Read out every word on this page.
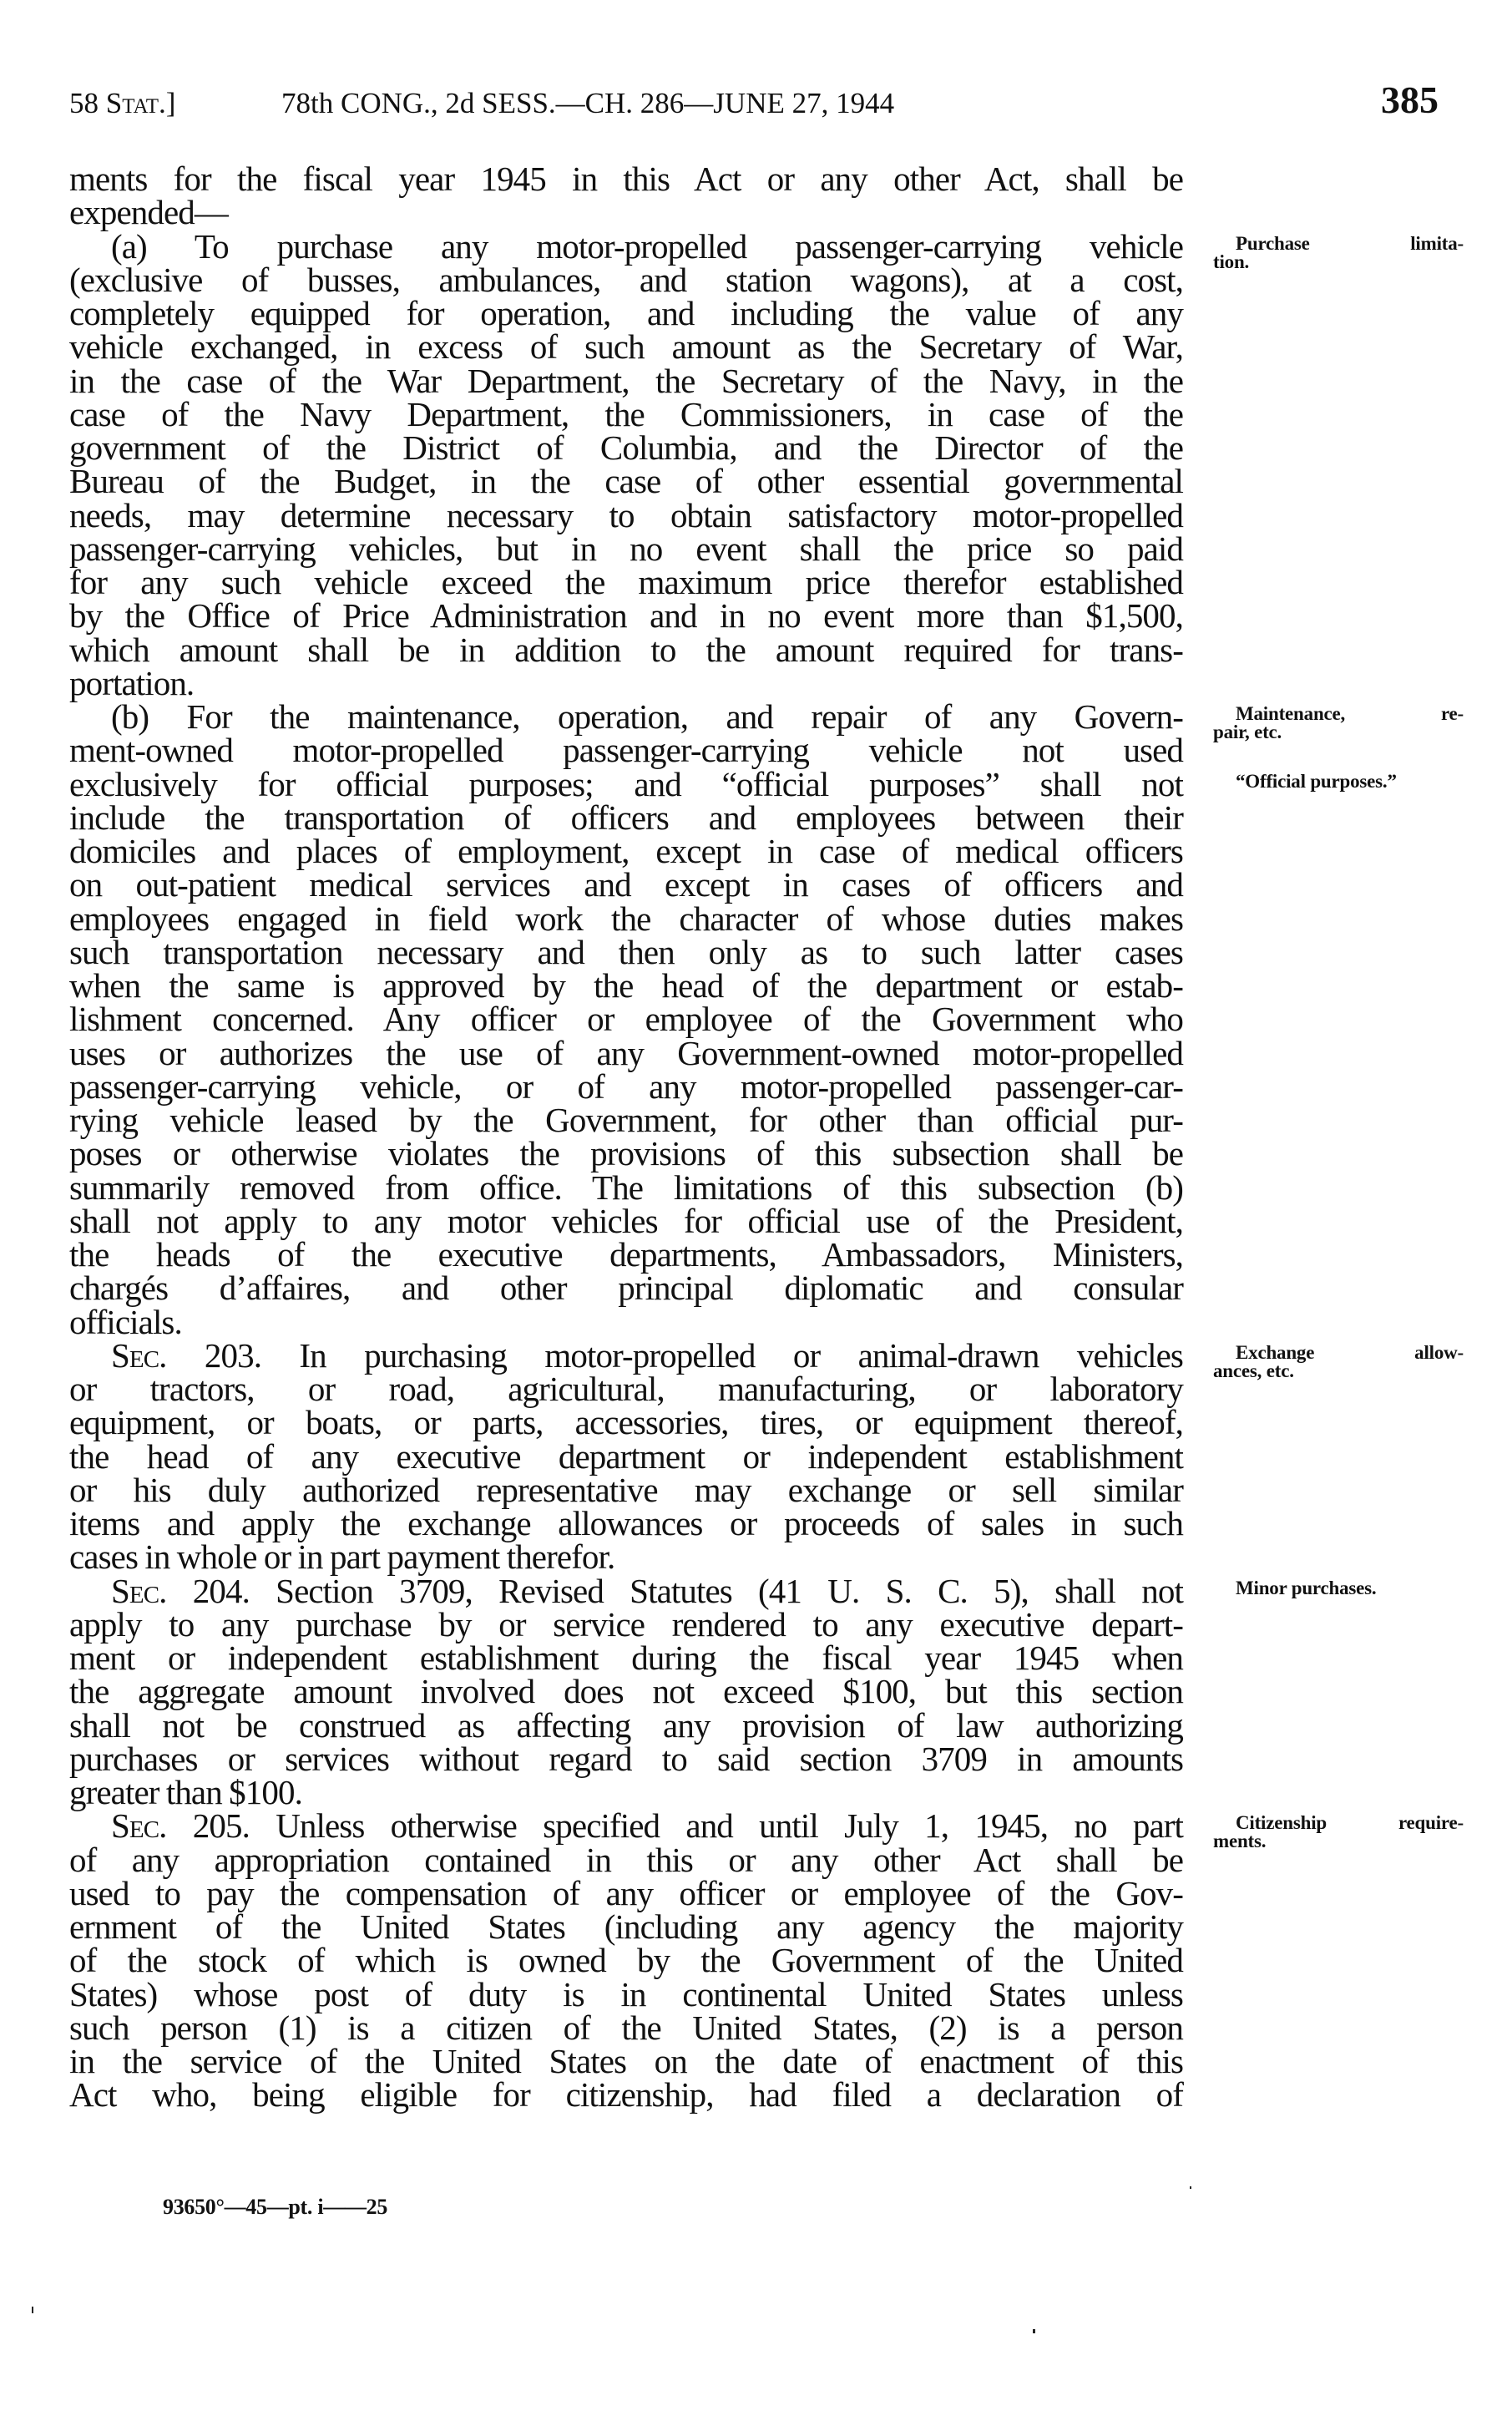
58 Stat.]	78th CONG., 2d SESS.—CH. 286—JUNE 27, 1944	385
ments for the fiscal year 1945 in this Act or any other Act, shall be
expended—
(a) To purchase any motor-propelled passenger-carrying vehicle
(exclusive of busses, ambulances, and station wagons), at a cost,
completely equipped for operation, and including the value of any
vehicle exchanged, in excess of such amount as the Secretary of War,
in the case of the War Department, the Secretary of the Navy, in the
case of the Navy Department, the Commissioners, in case of the
government of the District of Columbia, and the Director of the
Bureau of the Budget, in the case of other essential governmental
needs, may determine necessary to obtain satisfactory motor-propelled
passenger-carrying vehicles, but in no event shall the price so paid
for any such vehicle exceed the maximum price therefor established
by the Office of Price Administration and in no event more than $1,500,
which amount shall be in addition to the amount required for trans-
portation.
(b) For the maintenance, operation, and repair of any Govern-
ment-owned motor-propelled passenger-carrying vehicle not used
exclusively for official purposes; and “official purposes” shall not
include the transportation of officers and employees between their
domiciles and places of employment, except in case of medical officers
on out-patient medical services and except in cases of officers and
employees engaged in field work the character of whose duties makes
such transportation necessary and then only as to such latter cases
when the same is approved by the head of the department or estab-
lishment concerned. Any officer or employee of the Government who
uses or authorizes the use of any Government-owned motor-propelled
passenger-carrying vehicle, or of any motor-propelled passenger-car-
rying vehicle leased by the Government, for other than official pur-
poses or otherwise violates the provisions of this subsection shall be
summarily removed from office. The limitations of this subsection (b)
shall not apply to any motor vehicles for official use of the President,
the heads of the executive departments, Ambassadors, Ministers,
chargés d’affaires, and other principal diplomatic and consular
officials.
Sec. 203. In purchasing motor-propelled or animal-drawn vehicles
or tractors, or road, agricultural, manufacturing, or laboratory
equipment, or boats, or parts, accessories, tires, or equipment thereof,
the head of any executive department or independent establishment
or his duly authorized representative may exchange or sell similar
items and apply the exchange allowances or proceeds of sales in such
cases in whole or in part payment therefor.
Sec. 204. Section 3709, Revised Statutes (41 U. S. C. 5), shall not
apply to any purchase by or service rendered to any executive depart-
ment or independent establishment during the fiscal year 1945 when
the aggregate amount involved does not exceed $100, but this section
shall not be construed as affecting any provision of law authorizing
purchases or services without regard to said section 3709 in amounts
greater than $100.
Sec. 205. Unless otherwise specified and until July 1, 1945, no part
of any appropriation contained in this or any other Act shall be
used to pay the compensation of any officer or employee of the Gov-
ernment of the United States (including any agency the majority
of the stock of which is owned by the Government of the United
States) whose post of duty is in continental United States unless
such person (1) is a citizen of the United States, (2) is a person
in the service of the United States on the date of enactment of this
Act who, being eligible for citizenship, had filed a declaration of
Purchase limita-
tion.
Maintenance, re-
pair, etc.
“Official purposes.”
Exchange allow-
ances, etc.
Minor purchases.
Citizenship require-
ments.
93650°—45—pt. i——25
